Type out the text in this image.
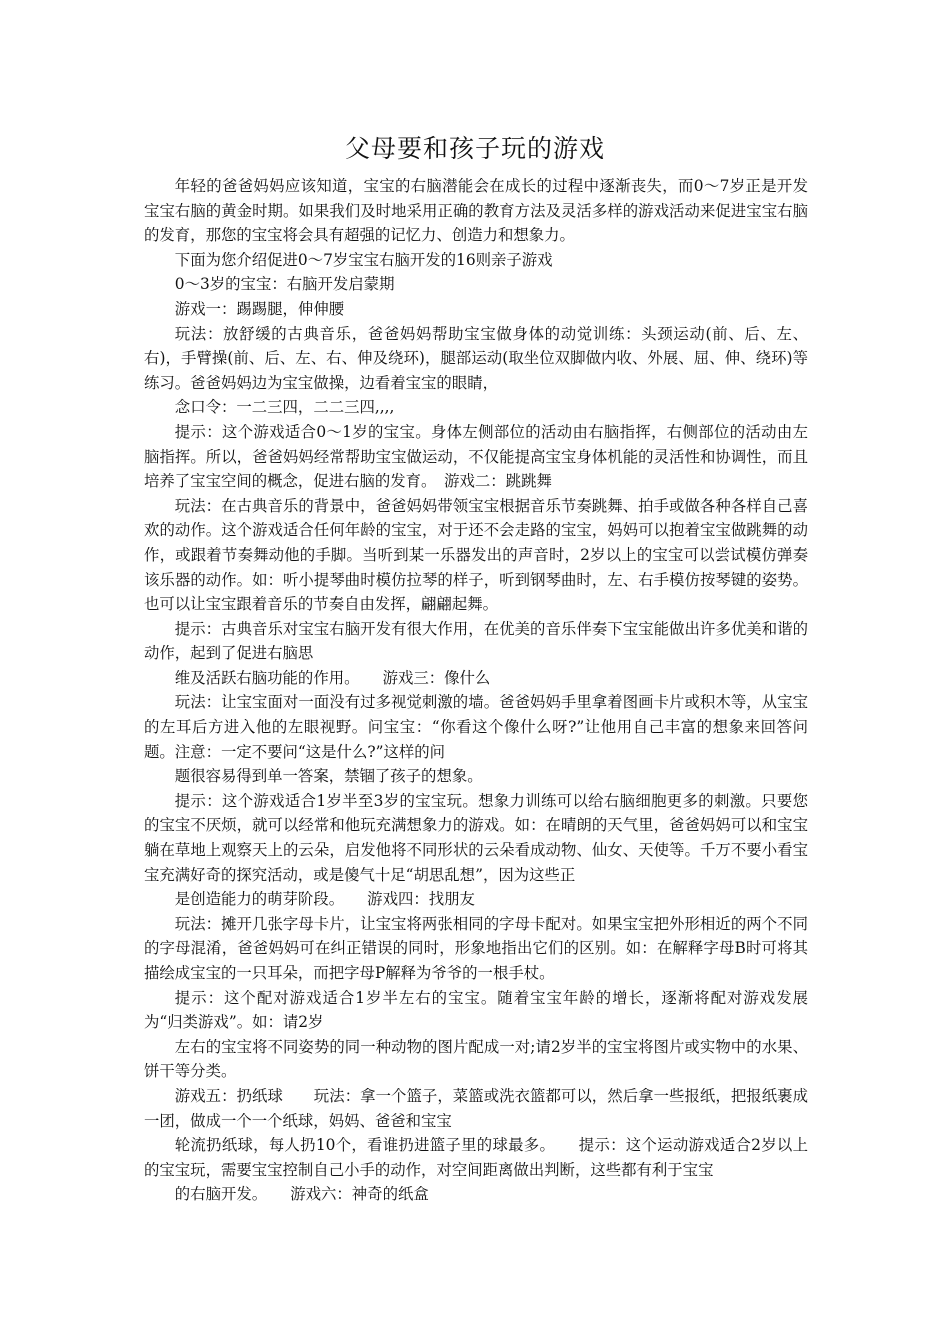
父母要和孩子玩的游戏

年轻的爸爸妈妈应该知道，宝宝的右脑潜能会在成长的过程中逐渐丧失，而0～7岁正是开发宝宝右脑的黄金时期。如果我们及时地采用正确的教育方法及灵活多样的游戏活动来促进宝宝右脑的发育，那您的宝宝将会具有超强的记忆力、创造力和想象力。

下面为您介绍促进0～7岁宝宝右脑开发的16则亲子游戏

0～3岁的宝宝：右脑开发启蒙期

游戏一：踢踢腿，伸伸腰

玩法：放舒缓的古典音乐，爸爸妈妈帮助宝宝做身体的动觉训练：头颈运动(前、后、左、右)，手臂操(前、后、左、右、伸及绕环)，腿部运动(取坐位双脚做内收、外展、屈、伸、绕环)等练习。爸爸妈妈边为宝宝做操，边看着宝宝的眼睛，

念口令：一二三四，二二三四,,,,

提示：这个游戏适合0～1岁的宝宝。身体左侧部位的活动由右脑指挥，右侧部位的活动由左脑指挥。所以，爸爸妈妈经常帮助宝宝做运动，不仅能提高宝宝身体机能的灵活性和协调性，而且培养了宝宝空间的概念，促进右脑的发育。　游戏二：跳跳舞

玩法：在古典音乐的背景中，爸爸妈妈带领宝宝根据音乐节奏跳舞、拍手或做各种各样自己喜欢的动作。这个游戏适合任何年龄的宝宝，对于还不会走路的宝宝，妈妈可以抱着宝宝做跳舞的动作，或跟着节奏舞动他的手脚。当听到某一乐器发出的声音时，2岁以上的宝宝可以尝试模仿弹奏该乐器的动作。如：听小提琴曲时模仿拉琴的样子，听到钢琴曲时，左、右手模仿按琴键的姿势。也可以让宝宝跟着音乐的节奏自由发挥，翩翩起舞。

提示：古典音乐对宝宝右脑开发有很大作用，在优美的音乐伴奏下宝宝能做出许多优美和谐的动作，起到了促进右脑思

维及活跃右脑功能的作用。　　游戏三：像什么

玩法：让宝宝面对一面没有过多视觉刺激的墙。爸爸妈妈手里拿着图画卡片或积木等，从宝宝的左耳后方进入他的左眼视野。问宝宝：“你看这个像什么呀?”让他用自己丰富的想象来回答问题。注意：一定不要问“这是什么?”这样的问

题很容易得到单一答案，禁锢了孩子的想象。

提示：这个游戏适合1岁半至3岁的宝宝玩。想象力训练可以给右脑细胞更多的刺激。只要您的宝宝不厌烦，就可以经常和他玩充满想象力的游戏。如：在晴朗的天气里，爸爸妈妈可以和宝宝躺在草地上观察天上的云朵，启发他将不同形状的云朵看成动物、仙女、天使等。千万不要小看宝宝充满好奇的探究活动，或是傻气十足“胡思乱想”，因为这些正

是创造能力的萌芽阶段。　　游戏四：找朋友

玩法：摊开几张字母卡片，让宝宝将两张相同的字母卡配对。如果宝宝把外形相近的两个不同的字母混淆，爸爸妈妈可在纠正错误的同时，形象地指出它们的区别。如：在解释字母B时可将其描绘成宝宝的一只耳朵，而把字母P解释为爷爷的一根手杖。

提示：这个配对游戏适合1岁半左右的宝宝。随着宝宝年龄的增长，逐渐将配对游戏发展为“归类游戏”。如：请2岁

左右的宝宝将不同姿势的同一种动物的图片配成一对;请2岁半的宝宝将图片或实物中的水果、饼干等分类。

游戏五：扔纸球　　玩法：拿一个篮子，菜篮或洗衣篮都可以，然后拿一些报纸，把报纸裹成一团，做成一个一个纸球，妈妈、爸爸和宝宝

轮流扔纸球，每人扔10个，看谁扔进篮子里的球最多。　　提示：这个运动游戏适合2岁以上的宝宝玩，需要宝宝控制自己小手的动作，对空间距离做出判断，这些都有利于宝宝

的右脑开发。　　游戏六：神奇的纸盒
